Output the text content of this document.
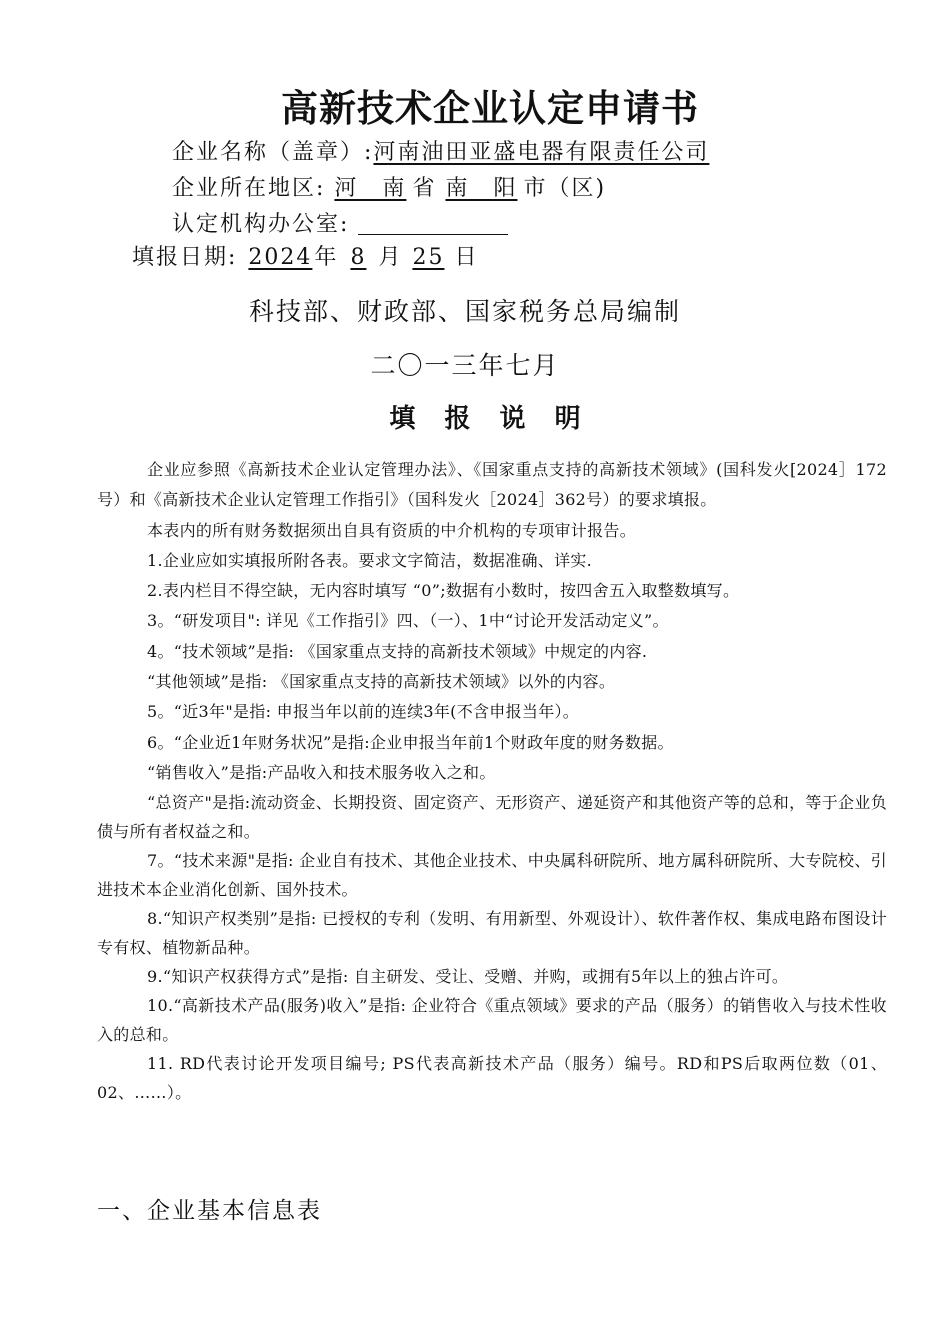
高新技术企业认定申请书
企业名称（盖章）:河南油田亚盛电器有限责任公司
企业所在地区: 河　南 省 南　阳 市（区)
认定机构办公室:
填报日期: 2024年 8 月 25 日
科技部、财政部、国家税务总局编制
二〇一三年七月
填 报 说 明

企业应参照《高新技术企业认定管理办法》、《国家重点支持的高新技术领域》(国科发火[2024］172号）和《高新技术企业认定管理工作指引》（国科发火［2024］362号）的要求填报。

本表内的所有财务数据须出自具有资质的中介机构的专项审计报告。

1.企业应如实填报所附各表。要求文字简洁，数据准确、详实.

2.表内栏目不得空缺，无内容时填写 “0”;数据有小数时，按四舍五入取整数填写。

3。“研发项目": 详见《工作指引》四、（一）、1中“讨论开发活动定义”。

4。“技术领域”是指: 《国家重点支持的高新技术领域》中规定的内容.

“其他领域”是指: 《国家重点支持的高新技术领域》以外的内容。

5。“近3年"是指: 申报当年以前的连续3年(不含申报当年）。

6。“企业近1年财务状况”是指:企业申报当年前1个财政年度的财务数据。

“销售收入”是指:产品收入和技术服务收入之和。

“总资产"是指:流动资金、长期投资、固定资产、无形资产、递延资产和其他资产等的总和，等于企业负债与所有者权益之和。

7。“技术来源"是指: 企业自有技术、其他企业技术、中央属科研院所、地方属科研院所、大专院校、引进技术本企业消化创新、国外技术。

8.“知识产权类别”是指: 已授权的专利（发明、有用新型、外观设计）、软件著作权、集成电路布图设计专有权、植物新品种。

9.“知识产权获得方式”是指: 自主研发、受让、受赠、并购，或拥有5年以上的独占许可。

10.“高新技术产品(服务)收入”是指: 企业符合《重点领域》要求的产品（服务）的销售收入与技术性收入的总和。

11. RD代表讨论开发项目编号; PS代表高新技术产品（服务）编号。RD和PS后取两位数（01、02、……）。

一、企业基本信息表
